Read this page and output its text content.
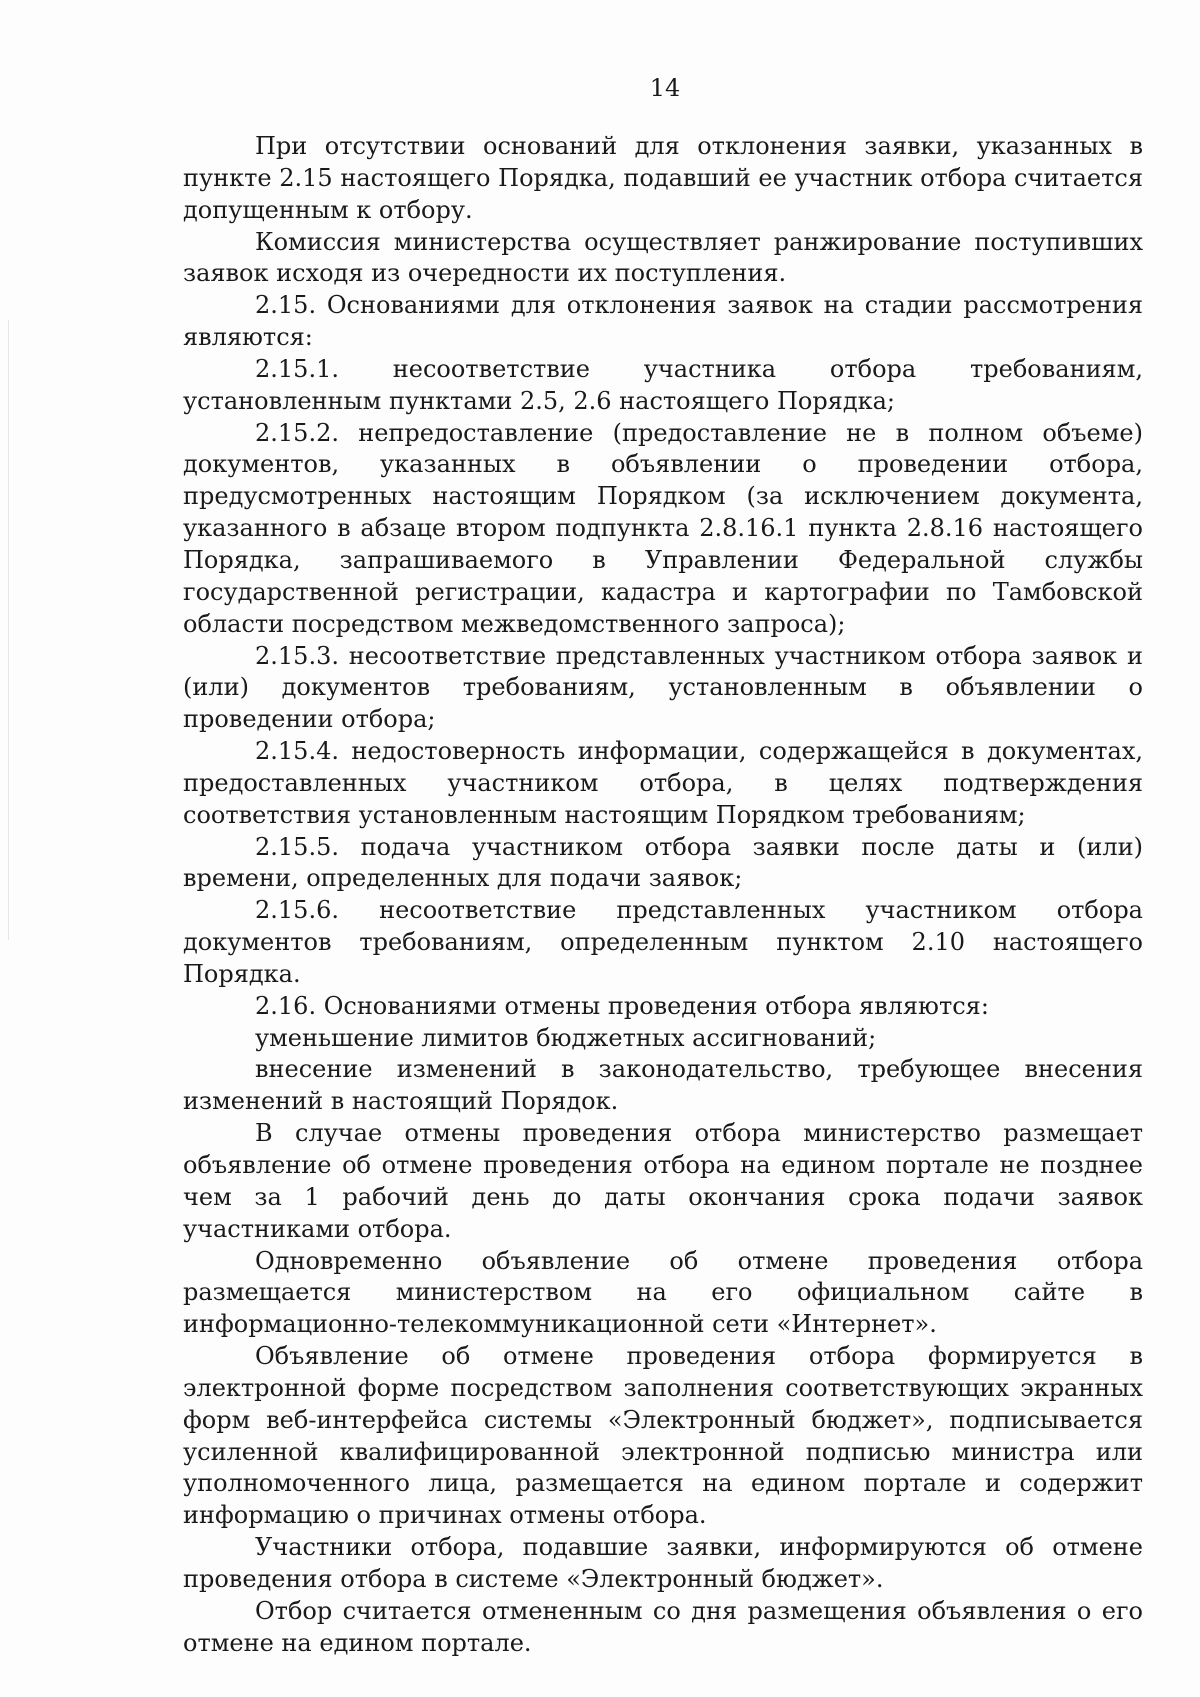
14

При отсутствии оснований для отклонения заявки, указанных в пункте 2.15 настоящего Порядка, подавший ее участник отбора считается допущенным к отбору.

Комиссия министерства осуществляет ранжирование поступивших заявок исходя из очередности их поступления.

2.15. Основаниями для отклонения заявок на стадии рассмотрения являются:

2.15.1. несоответствие участника отбора требованиям, установленным пунктами 2.5, 2.6 настоящего Порядка;

2.15.2. непредоставление (предоставление не в полном объеме) документов, указанных в объявлении о проведении отбора, предусмотренных настоящим Порядком (за исключением документа, указанного в абзаце втором подпункта 2.8.16.1 пункта 2.8.16 настоящего Порядка, запрашиваемого в Управлении Федеральной службы государственной регистрации, кадастра и картографии по Тамбовской области посредством межведомственного запроса);

2.15.3. несоответствие представленных участником отбора заявок и (или) документов требованиям, установленным в объявлении о проведении отбора;

2.15.4. недостоверность информации, содержащейся в документах, предоставленных участником отбора, в целях подтверждения соответствия установленным настоящим Порядком требованиям;

2.15.5. подача участником отбора заявки после даты и (или) времени, определенных для подачи заявок;

2.15.6. несоответствие представленных участником отбора документов требованиям, определенным пунктом 2.10 настоящего Порядка.

2.16. Основаниями отмены проведения отбора являются:

уменьшение лимитов бюджетных ассигнований;

внесение изменений в законодательство, требующее внесения изменений в настоящий Порядок.

В случае отмены проведения отбора министерство размещает объявление об отмене проведения отбора на едином портале не позднее чем за 1 рабочий день до даты окончания срока подачи заявок участниками отбора.

Одновременно объявление об отмене проведения отбора размещается министерством на его официальном сайте в информационно-телекоммуникационной сети «Интернет».

Объявление об отмене проведения отбора формируется в электронной форме посредством заполнения соответствующих экранных форм веб-интерфейса системы «Электронный бюджет», подписывается усиленной квалифицированной электронной подписью министра или уполномоченного лица, размещается на едином портале и содержит информацию о причинах отмены отбора.

Участники отбора, подавшие заявки, информируются об отмене проведения отбора в системе «Электронный бюджет».

Отбор считается отмененным со дня размещения объявления о его отмене на едином портале.
